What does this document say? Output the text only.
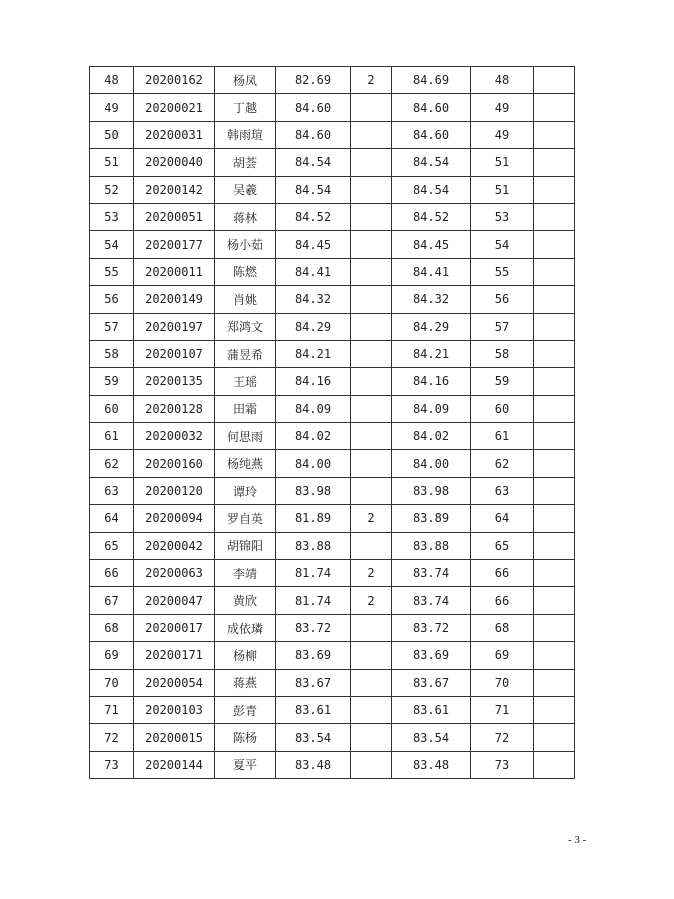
48	20200162	杨凤	82.69	2	84.69	48	
49	20200021	丁越	84.60		84.60	49	
50	20200031	韩雨瑄	84.60		84.60	49	
51	20200040	胡荟	84.54		84.54	51	
52	20200142	吴羲	84.54		84.54	51	
53	20200051	蒋林	84.52		84.52	53	
54	20200177	杨小茹	84.45		84.45	54	
55	20200011	陈燃	84.41		84.41	55	
56	20200149	肖姚	84.32		84.32	56	
57	20200197	郑鸿文	84.29		84.29	57	
58	20200107	蒲昱希	84.21		84.21	58	
59	20200135	王瑶	84.16		84.16	59	
60	20200128	田霜	84.09		84.09	60	
61	20200032	何思雨	84.02		84.02	61	
62	20200160	杨纯燕	84.00		84.00	62	
63	20200120	谭玲	83.98		83.98	63	
64	20200094	罗自英	81.89	2	83.89	64	
65	20200042	胡锦阳	83.88		83.88	65	
66	20200063	李靖	81.74	2	83.74	66	
67	20200047	黄欣	81.74	2	83.74	66	
68	20200017	成依璘	83.72		83.72	68	
69	20200171	杨柳	83.69		83.69	69	
70	20200054	蒋燕	83.67		83.67	70	
71	20200103	彭青	83.61		83.61	71	
72	20200015	陈杨	83.54		83.54	72	
73	20200144	夏平	83.48		83.48	73	
- 3 -
